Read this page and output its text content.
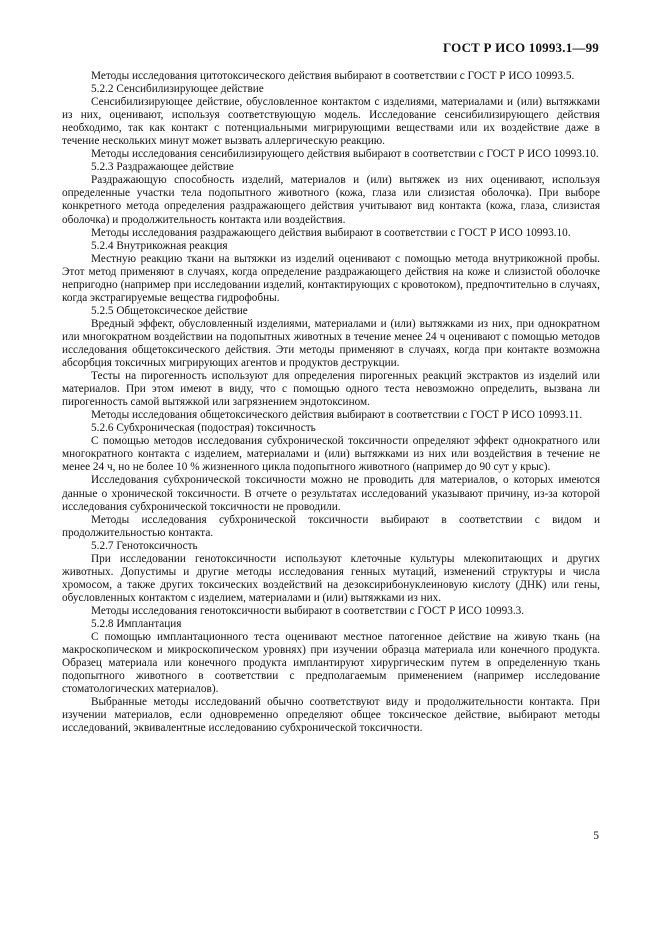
ГОСТ Р ИСО 10993.1—99

Методы исследования цитотоксического действия выбирают в соответствии с ГОСТ Р ИСО 10993.5.

5.2.2 Сенсибилизирующее действие

Сенсибилизирующее действие, обусловленное контактом с изделиями, материалами и (или) вытяжками из них, оценивают, используя соответствующую модель. Исследование сенсибилизирующего действия необходимо, так как контакт с потенциальными мигрирующими веществами или их воздействие даже в течение нескольких минут может вызвать аллергическую реакцию.

Методы исследования сенсибилизирующего действия выбирают в соответствии с ГОСТ Р ИСО 10993.10.

5.2.3 Раздражающее действие

Раздражающую способность изделий, материалов и (или) вытяжек из них оценивают, используя определенные участки тела подопытного животного (кожа, глаза или слизистая оболочка). При выборе конкретного метода определения раздражающего действия учитывают вид контакта (кожа, глаза, слизистая оболочка) и продолжительность контакта или воздействия.

Методы исследования раздражающего действия выбирают в соответствии с ГОСТ Р ИСО 10993.10.

5.2.4 Внутрикожная реакция

Местную реакцию ткани на вытяжки из изделий оценивают с помощью метода внутрикожной пробы. Этот метод применяют в случаях, когда определение раздражающего действия на коже и слизистой оболочке непригодно (например при исследовании изделий, контактирующих с кровотоком), предпочтительно в случаях, когда экстрагируемые вещества гидрофобны.

5.2.5 Общетоксическое действие

Вредный эффект, обусловленный изделиями, материалами и (или) вытяжками из них, при однократном или многократном воздействии на подопытных животных в течение менее 24 ч оценивают с помощью методов исследования общетоксического действия. Эти методы применяют в случаях, когда при контакте возможна абсорбция токсичных мигрирующих агентов и продуктов деструкции.

Тесты на пирогенность используют для определения пирогенных реакций экстрактов из изделий или материалов. При этом имеют в виду, что с помощью одного теста невозможно определить, вызвана ли пирогенность самой вытяжкой или загрязнением эндотоксином.

Методы исследования общетоксического действия выбирают в соответствии с ГОСТ Р ИСО 10993.11.

5.2.6 Субхроническая (подострая) токсичность

С помощью методов исследования субхронической токсичности определяют эффект однократного или многократного контакта с изделием, материалами и (или) вытяжками из них или воздействия в течение не менее 24 ч, но не более 10 % жизненного цикла подопытного животного (например до 90 сут у крыс).

Исследования субхронической токсичности можно не проводить для материалов, о которых имеются данные о хронической токсичности. В отчете о результатах исследований указывают причину, из-за которой исследования субхронической токсичности не проводили.

Методы исследования субхронической токсичности выбирают в соответствии с видом и продолжительностью контакта.

5.2.7 Генотоксичность

При исследовании генотоксичности используют клеточные культуры млекопитающих и других животных. Допустимы и другие методы исследования генных мутаций, изменений структуры и числа хромосом, а также других токсических воздействий на дезоксирибонуклеиновую кислоту (ДНК) или гены, обусловленных контактом с изделием, материалами и (или) вытяжками из них.

Методы исследования генотоксичности выбирают в соответствии с ГОСТ Р ИСО 10993.3.

5.2.8 Имплантация

С помощью имплантационного теста оценивают местное патогенное действие на живую ткань (на макроскопическом и микроскопическом уровнях) при изучении образца материала или конечного продукта. Образец материала или конечного продукта имплантируют хирургическим путем в определенную ткань подопытного животного в соответствии с предполагаемым применением (например исследование стоматологических материалов).

Выбранные методы исследований обычно соответствуют виду и продолжительности контакта. При изучении материалов, если одновременно определяют общее токсическое действие, выбирают методы исследований, эквивалентные исследованию субхронической токсичности.

5
